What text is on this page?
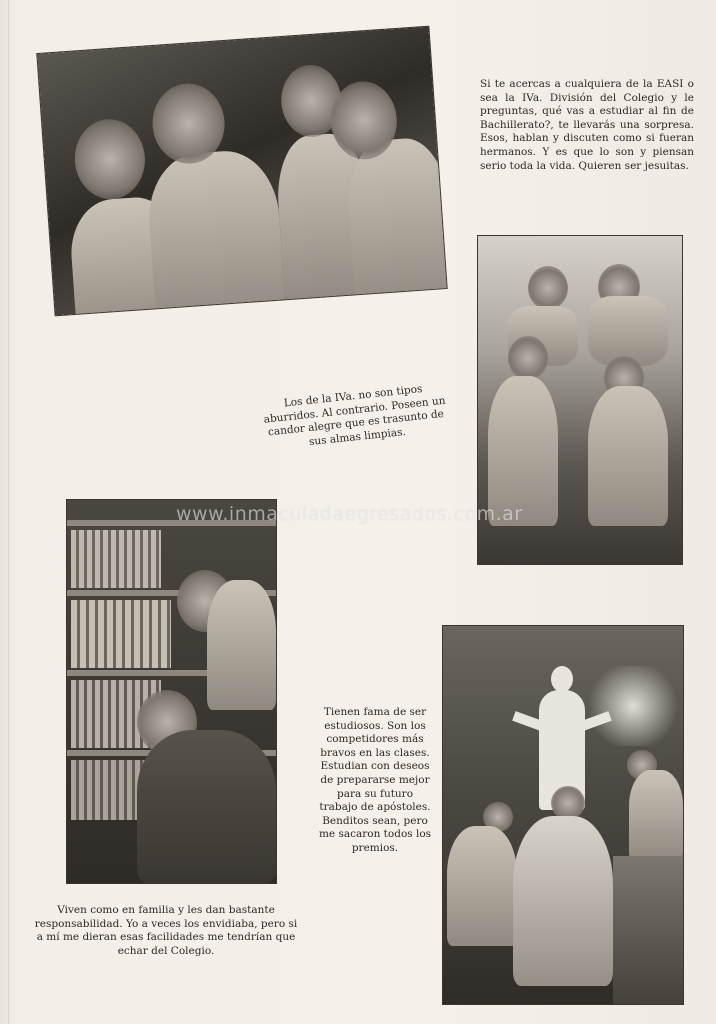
Si te acercas a cualquiera de la EASI o sea la IVa. División del Colegio y le preguntas, qué vas a estudiar al fin de Bachillerato?, te llevarás una sorpresa. Esos, hablan y discuten como si fueran hermanos. Y es que lo son y piensan serio toda la vida. Quieren ser jesuitas.

Los de la IVa. no son tipos aburridos. Al contrario. Poseen un candor alegre que es trasunto de sus almas limpias.

www.inmaculadaegresados.com.ar

Tienen fama de ser estudiosos. Son los competidores más bravos en las clases. Estudian con deseos de prepararse mejor para su futuro trabajo de apóstoles. Benditos sean, pero me sacaron todos los premios.

Viven como en familia y les dan bastante responsabilidad. Yo a veces los envidiaba, pero si a mí me dieran esas facilidades me tendrían que echar del Colegio.
